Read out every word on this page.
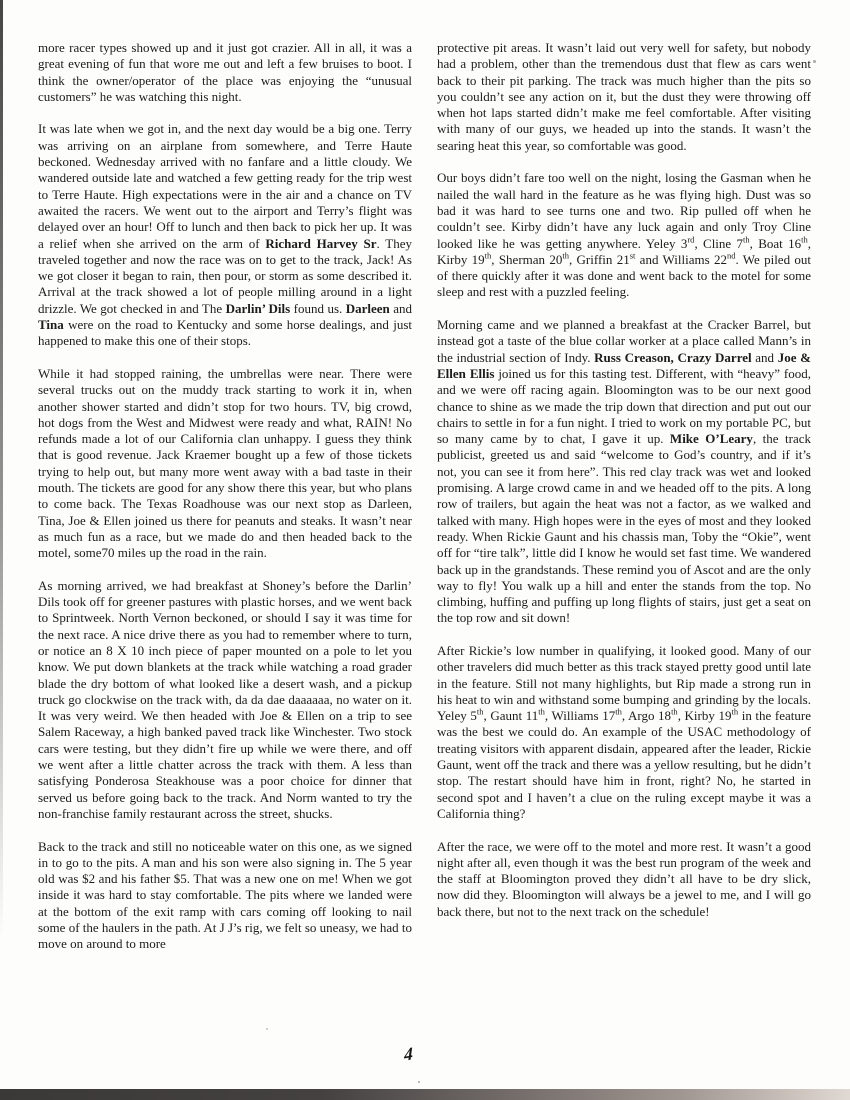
more racer types showed up and it just got crazier. All in all, it was a great evening of fun that wore me out and left a few bruises to boot. I think the owner/operator of the place was enjoying the “unusual customers” he was watching this night.

It was late when we got in, and the next day would be a big one. Terry was arriving on an airplane from somewhere, and Terre Haute beckoned. Wednesday arrived with no fanfare and a little cloudy. We wandered outside late and watched a few getting ready for the trip west to Terre Haute. High expectations were in the air and a chance on TV awaited the racers. We went out to the airport and Terry’s flight was delayed over an hour! Off to lunch and then back to pick her up. It was a relief when she arrived on the arm of Richard Harvey Sr. They traveled together and now the race was on to get to the track, Jack! As we got closer it began to rain, then pour, or storm as some described it. Arrival at the track showed a lot of people milling around in a light drizzle. We got checked in and The Darlin’ Dils found us. Darleen and Tina were on the road to Kentucky and some horse dealings, and just happened to make this one of their stops.

While it had stopped raining, the umbrellas were near. There were several trucks out on the muddy track starting to work it in, when another shower started and didn’t stop for two hours. TV, big crowd, hot dogs from the West and Midwest were ready and what, RAIN! No refunds made a lot of our California clan unhappy. I guess they think that is good revenue. Jack Kraemer bought up a few of those tickets trying to help out, but many more went away with a bad taste in their mouth. The tickets are good for any show there this year, but who plans to come back. The Texas Roadhouse was our next stop as Darleen, Tina, Joe & Ellen joined us there for peanuts and steaks. It wasn’t near as much fun as a race, but we made do and then headed back to the motel, some70 miles up the road in the rain.

As morning arrived, we had breakfast at Shoney’s before the Darlin’ Dils took off for greener pastures with plastic horses, and we went back to Sprintweek. North Vernon beckoned, or should I say it was time for the next race. A nice drive there as you had to remember where to turn, or notice an 8 X 10 inch piece of paper mounted on a pole to let you know. We put down blankets at the track while watching a road grader blade the dry bottom of what looked like a desert wash, and a pickup truck go clockwise on the track with, da da dae daaaaaa, no water on it. It was very weird. We then headed with Joe & Ellen on a trip to see Salem Raceway, a high banked paved track like Winchester. Two stock cars were testing, but they didn’t fire up while we were there, and off we went after a little chatter across the track with them. A less than satisfying Ponderosa Steakhouse was a poor choice for dinner that served us before going back to the track. And Norm wanted to try the non-franchise family restaurant across the street, shucks.

Back to the track and still no noticeable water on this one, as we signed in to go to the pits. A man and his son were also signing in. The 5 year old was $2 and his father $5. That was a new one on me! When we got inside it was hard to stay comfortable. The pits where we landed were at the bottom of the exit ramp with cars coming off looking to nail some of the haulers in the path. At J J’s rig, we felt so uneasy, we had to move on around to more

protective pit areas. It wasn’t laid out very well for safety, but nobody had a problem, other than the tremendous dust that flew as cars went back to their pit parking. The track was much higher than the pits so you couldn’t see any action on it, but the dust they were throwing off when hot laps started didn’t make me feel comfortable. After visiting with many of our guys, we headed up into the stands. It wasn’t the searing heat this year, so comfortable was good.

Our boys didn’t fare too well on the night, losing the Gasman when he nailed the wall hard in the feature as he was flying high. Dust was so bad it was hard to see turns one and two. Rip pulled off when he couldn’t see. Kirby didn’t have any luck again and only Troy Cline looked like he was getting anywhere. Yeley 3rd, Cline 7th, Boat 16th, Kirby 19th, Sherman 20th, Griffin 21st and Williams 22nd. We piled out of there quickly after it was done and went back to the motel for some sleep and rest with a puzzled feeling.

Morning came and we planned a breakfast at the Cracker Barrel, but instead got a taste of the blue collar worker at a place called Mann’s in the industrial section of Indy. Russ Creason, Crazy Darrel and Joe & Ellen Ellis joined us for this tasting test. Different, with “heavy” food, and we were off racing again. Bloomington was to be our next good chance to shine as we made the trip down that direction and put out our chairs to settle in for a fun night. I tried to work on my portable PC, but so many came by to chat, I gave it up. Mike O’Leary, the track publicist, greeted us and said “welcome to God’s country, and if it’s not, you can see it from here”. This red clay track was wet and looked promising. A large crowd came in and we headed off to the pits. A long row of trailers, but again the heat was not a factor, as we walked and talked with many. High hopes were in the eyes of most and they looked ready. When Rickie Gaunt and his chassis man, Toby the “Okie”, went off for “tire talk”, little did I know he would set fast time. We wandered back up in the grandstands. These remind you of Ascot and are the only way to fly! You walk up a hill and enter the stands from the top. No climbing, huffing and puffing up long flights of stairs, just get a seat on the top row and sit down!

After Rickie’s low number in qualifying, it looked good. Many of our other travelers did much better as this track stayed pretty good until late in the feature. Still not many highlights, but Rip made a strong run in his heat to win and withstand some bumping and grinding by the locals. Yeley 5th, Gaunt 11th, Williams 17th, Argo 18th, Kirby 19th in the feature was the best we could do. An example of the USAC methodology of treating visitors with apparent disdain, appeared after the leader, Rickie Gaunt, went off the track and there was a yellow resulting, but he didn’t stop. The restart should have him in front, right? No, he started in second spot and I haven’t a clue on the ruling except maybe it was a California thing?

After the race, we were off to the motel and more rest. It wasn’t a good night after all, even though it was the best run program of the week and the staff at Bloomington proved they didn’t all have to be dry slick, now did they. Bloomington will always be a jewel to me, and I will go back there, but not to the next track on the schedule!

4
